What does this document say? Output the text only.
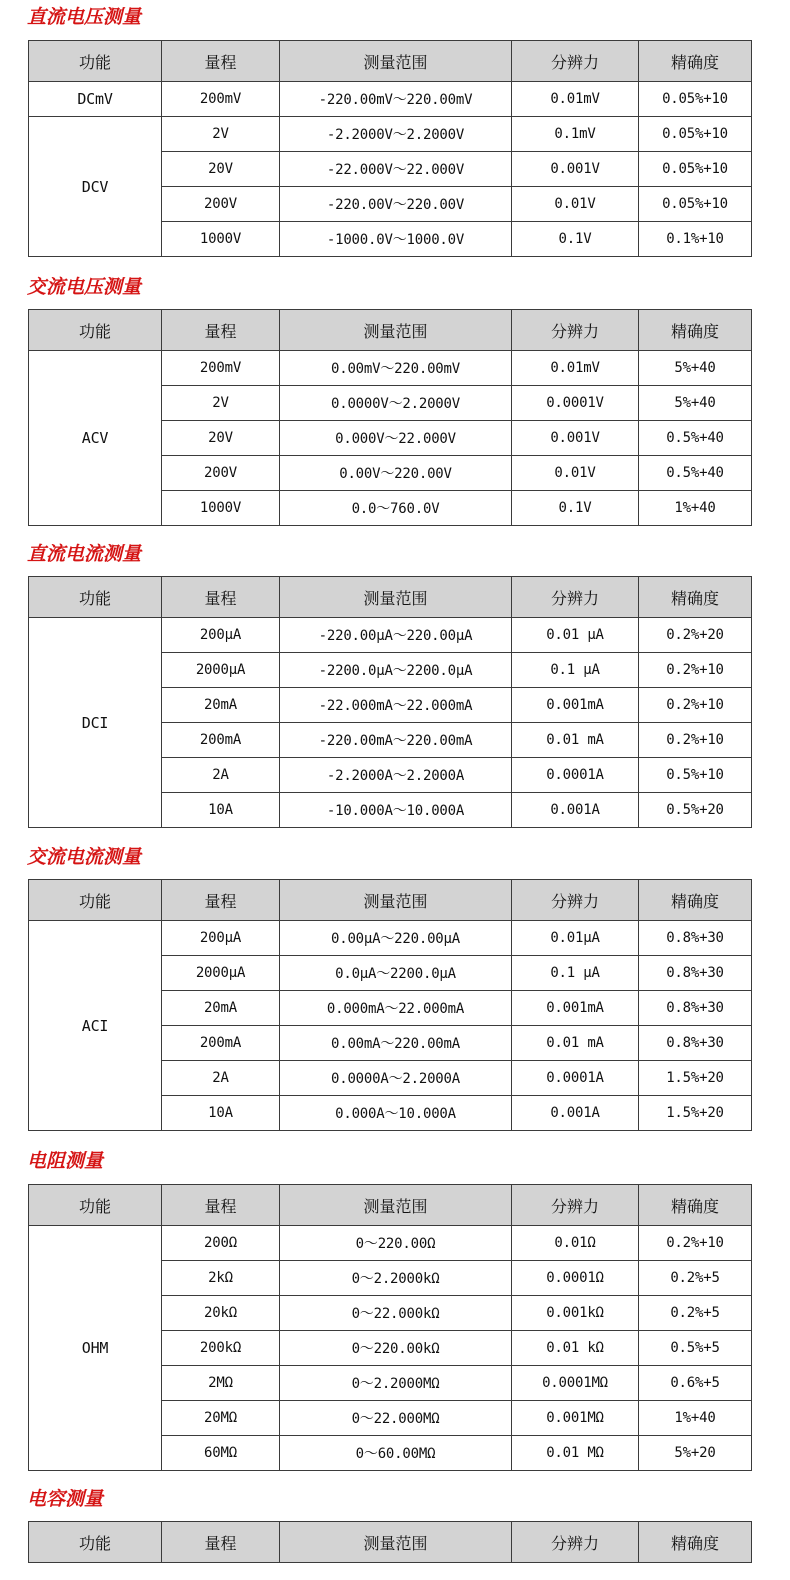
直流电压测量
功能	量程	测量范围	分辨力	精确度
DCmV	200mV	-220.00mV～220.00mV	0.01mV	0.05%+10
DCV	2V	-2.2000V～2.2000V	0.1mV	0.05%+10
	20V	-22.000V～22.000V	0.001V	0.05%+10
	200V	-220.00V～220.00V	0.01V	0.05%+10
	1000V	-1000.0V～1000.0V	0.1V	0.1%+10
交流电压测量
功能	量程	测量范围	分辨力	精确度
ACV	200mV	0.00mV～220.00mV	0.01mV	5%+40
	2V	0.0000V～2.2000V	0.0001V	5%+40
	20V	0.000V～22.000V	0.001V	0.5%+40
	200V	0.00V～220.00V	0.01V	0.5%+40
	1000V	0.0～760.0V	0.1V	1%+40
直流电流测量
功能	量程	测量范围	分辨力	精确度
DCI	200μA	-220.00μA～220.00μA	0.01 μA	0.2%+20
	2000μA	-2200.0μA～2200.0μA	0.1 μA	0.2%+10
	20mA	-22.000mA～22.000mA	0.001mA	0.2%+10
	200mA	-220.00mA～220.00mA	0.01 mA	0.2%+10
	2A	-2.2000A～2.2000A	0.0001A	0.5%+10
	10A	-10.000A～10.000A	0.001A	0.5%+20
交流电流测量
功能	量程	测量范围	分辨力	精确度
ACI	200μA	0.00μA～220.00μA	0.01μA	0.8%+30
	2000μA	0.0μA～2200.0μA	0.1 μA	0.8%+30
	20mA	0.000mA～22.000mA	0.001mA	0.8%+30
	200mA	0.00mA～220.00mA	0.01 mA	0.8%+30
	2A	0.0000A～2.2000A	0.0001A	1.5%+20
	10A	0.000A～10.000A	0.001A	1.5%+20
电阻测量
功能	量程	测量范围	分辨力	精确度
OHM	200Ω	0～220.00Ω	0.01Ω	0.2%+10
	2kΩ	0～2.2000kΩ	0.0001Ω	0.2%+5
	20kΩ	0～22.000kΩ	0.001kΩ	0.2%+5
	200kΩ	0～220.00kΩ	0.01 kΩ	0.5%+5
	2MΩ	0～2.2000MΩ	0.0001MΩ	0.6%+5
	20MΩ	0～22.000MΩ	0.001MΩ	1%+40
	60MΩ	0～60.00MΩ	0.01 MΩ	5%+20
电容测量
功能	量程	测量范围	分辨力	精确度
